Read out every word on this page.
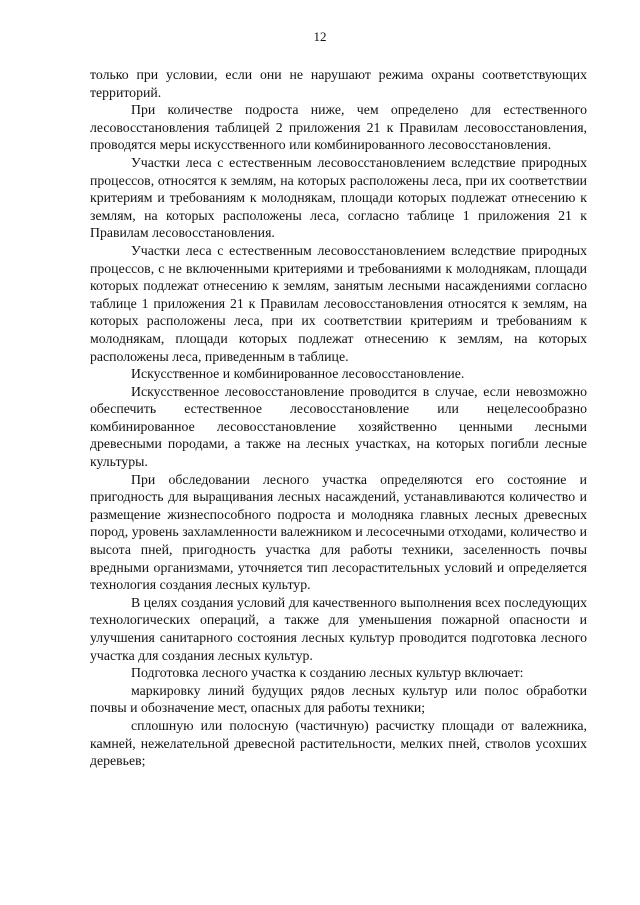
12

только при условии, если они не нарушают режима охраны соответствующих территорий.

При количестве подроста ниже, чем определено для естественного лесовосстановления таблицей 2 приложения 21 к Правилам лесовосстановления, проводятся меры искусственного или комбинированного лесовосстановления.

Участки леса с естественным лесовосстановлением вследствие природных процессов, относятся к землям, на которых расположены леса, при их соответствии критериям и требованиям к молоднякам, площади которых подлежат отнесению к землям, на которых расположены леса, согласно таблице 1 приложения 21 к Правилам лесовосстановления.

Участки леса с естественным лесовосстановлением вследствие природных процессов, с не включенными критериями и требованиями к молоднякам, площади которых подлежат отнесению к землям, занятым лесными насаждениями согласно таблице 1 приложения 21 к Правилам лесовосстановления относятся к землям, на которых расположены леса, при их соответствии критериям и требованиям к молоднякам, площади которых подлежат отнесению к землям, на которых расположены леса, приведенным в таблице.

Искусственное и комбинированное лесовосстановление.

Искусственное лесовосстановление проводится в случае, если невозможно обеспечить естественное лесовосстановление или нецелесообразно комбинированное лесовосстановление хозяйственно ценными лесными древесными породами, а также на лесных участках, на которых погибли лесные культуры.

При обследовании лесного участка определяются его состояние и пригодность для выращивания лесных насаждений, устанавливаются количество и размещение жизнеспособного подроста и молодняка главных лесных древесных пород, уровень захламленности валежником и лесосечными отходами, количество и высота пней, пригодность участка для работы техники, заселенность почвы вредными организмами, уточняется тип лесорастительных условий и определяется технология создания лесных культур.

В целях создания условий для качественного выполнения всех последующих технологических операций, а также для уменьшения пожарной опасности и улучшения санитарного состояния лесных культур проводится подготовка лесного участка для создания лесных культур.

Подготовка лесного участка к созданию лесных культур включает:

маркировку линий будущих рядов лесных культур или полос обработки почвы и обозначение мест, опасных для работы техники;

сплошную или полосную (частичную) расчистку площади от валежника, камней, нежелательной древесной растительности, мелких пней, стволов усохших деревьев;
